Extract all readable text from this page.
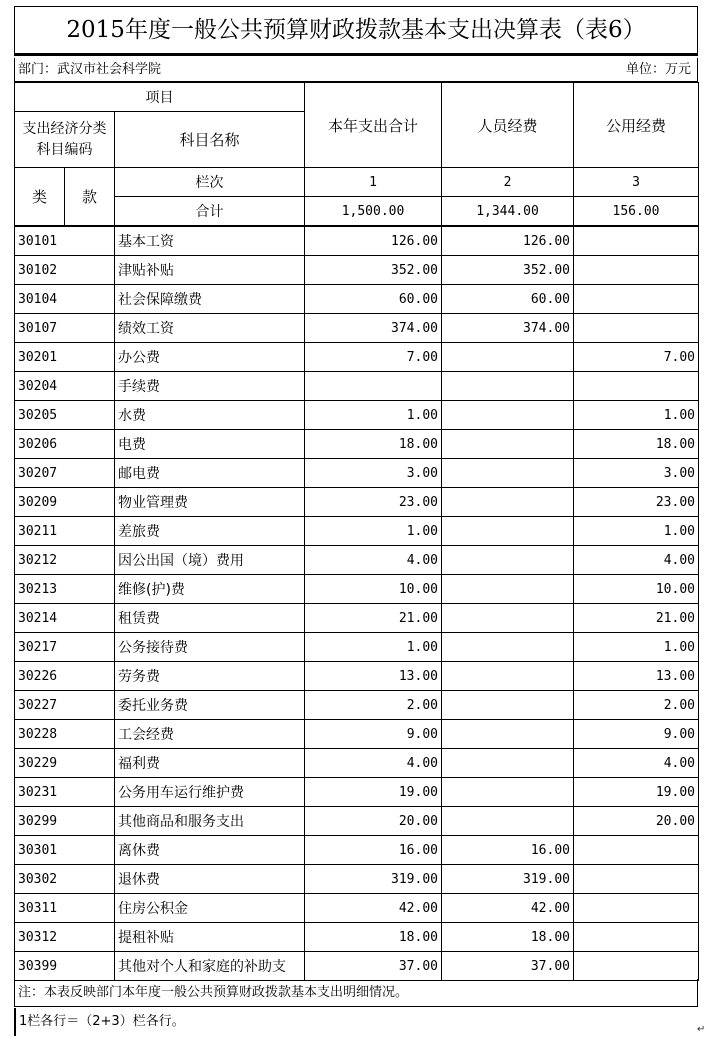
2015年度一般公共预算财政拨款基本支出决算表（表6）
部门：武汉市社会科学院	单位：万元
项目			本年支出合计	人员经费	公用经费
支出经济分类科目编码		科目名称			

类	款	栏次	1	2	3
		合计	1,500.00	1,344.00	156.00
30101	基本工资	126.00	126.00	
30102	津贴补贴	352.00	352.00	
30104	社会保障缴费	60.00	60.00	
30107	绩效工资	374.00	374.00	
30201	办公费	7.00		7.00
30204	手续费			
30205	水费	1.00		1.00
30206	电费	18.00		18.00
30207	邮电费	3.00		3.00
30209	物业管理费	23.00		23.00
30211	差旅费	1.00		1.00
30212	因公出国（境）费用	4.00		4.00
30213	维修(护)费	10.00		10.00
30214	租赁费	21.00		21.00
30217	公务接待费	1.00		1.00
30226	劳务费	13.00		13.00
30227	委托业务费	2.00		2.00
30228	工会经费	9.00		9.00
30229	福利费	4.00		4.00
30231	公务用车运行维护费	19.00		19.00
30299	其他商品和服务支出	20.00		20.00
30301	离休费	16.00	16.00	
30302	退休费	319.00	319.00	
30311	住房公积金	42.00	42.00	
30312	提租补贴	18.00	18.00	
30399	其他对个人和家庭的补助支	37.00	37.00	
注：本表反映部门本年度一般公共预算财政拨款基本支出明细情况。
1栏各行＝（2+3）栏各行。
↵
